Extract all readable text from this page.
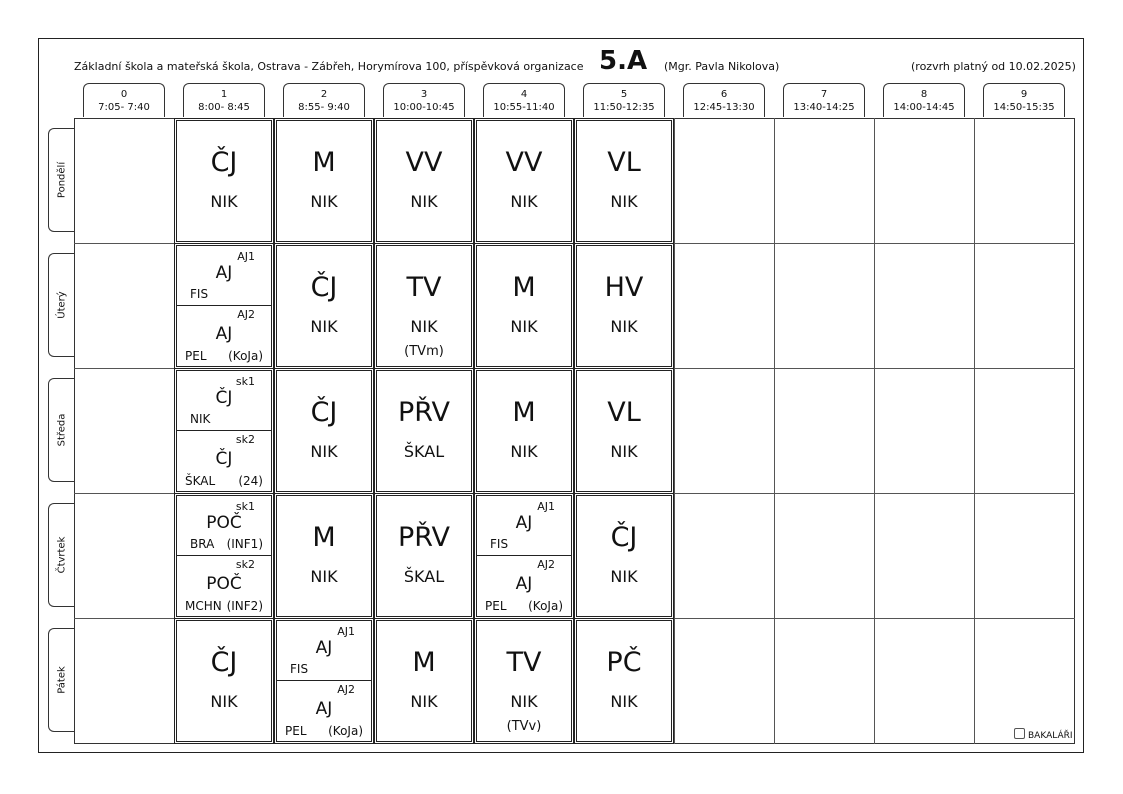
Základní škola a mateřská škola, Ostrava - Zábřeh, Horymírova 100, příspěvková organizace 5.A (Mgr. Pavla Nikolova)	(rozvrh platný od 10.02.2025)
0
7:05- 7:40
1
8:00- 8:45
2
8:55- 9:40
3
10:00-10:45
4
10:55-11:40
5
11:50-12:35
6
12:45-13:30
7
13:40-14:25
8
14:00-14:45
9
14:50-15:35
Pondělí
Úterý
Středa
Čtvrtek
Pátek
ČJ
NIK
M
NIK
VV
NIK
VV
NIK
VL
NIK
AJ1
AJ
FIS
AJ2
AJ
PEL (KoJa)
ČJ
NIK
TV
NIK
(TVm)
M
NIK
HV
NIK
sk1
ČJ
NIK
sk2
ČJ
ŠKAL (24)
ČJ
NIK
PŘV
ŠKAL
M
NIK
VL
NIK
sk1
POČ
BRA (INF1)
sk2
POČ
MCHN (INF2)
M
NIK
PŘV
ŠKAL
AJ1
AJ
FIS
AJ2
AJ
PEL (KoJa)
ČJ
NIK
ČJ
NIK
AJ1
AJ
FIS
AJ2
AJ
PEL (KoJa)
M
NIK
TV
NIK
(TVv)
PČ
NIK
BAKALÁŘI
